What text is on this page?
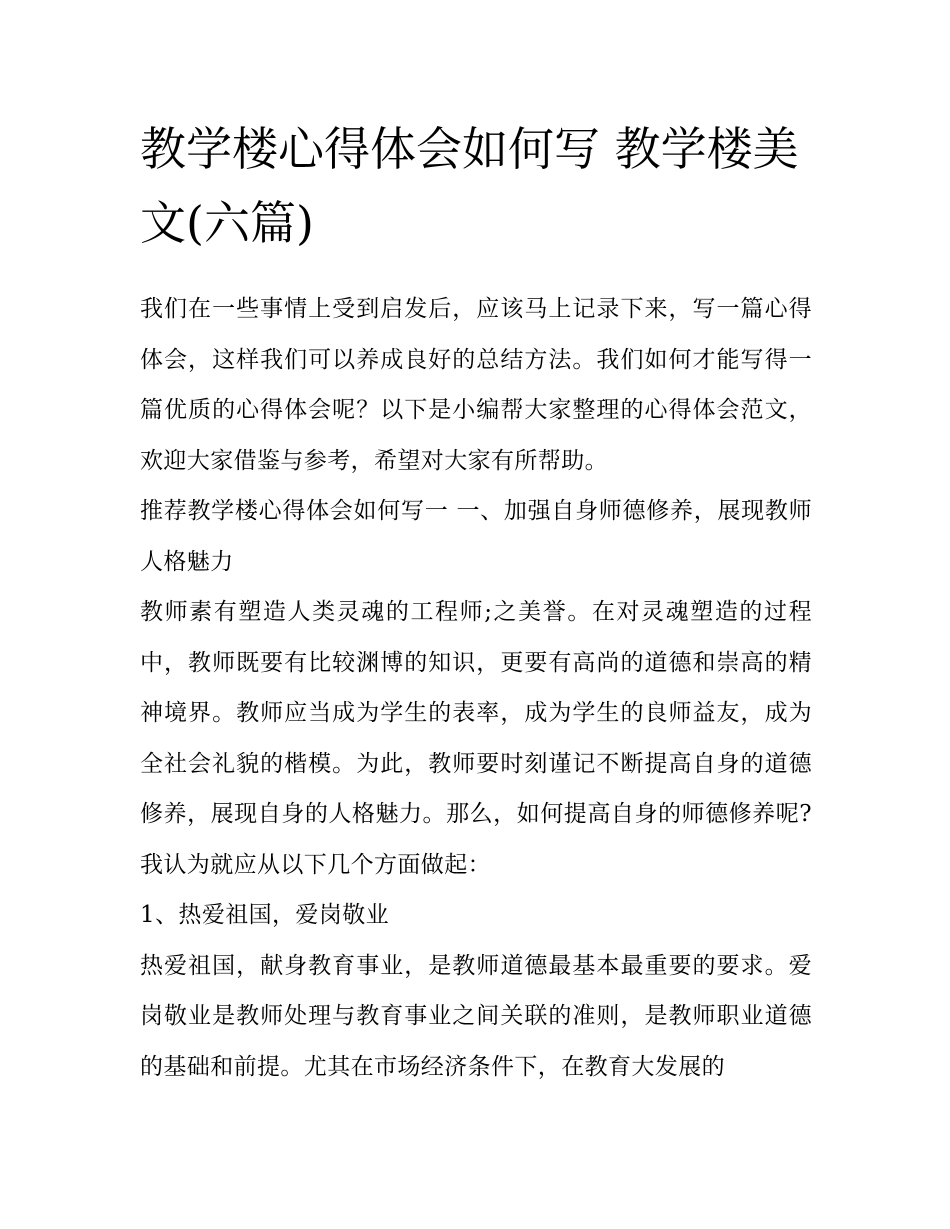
教学楼心得体会如何写 教学楼美文(六篇)

我们在一些事情上受到启发后，应该马上记录下来，写一篇心得体会，这样我们可以养成良好的总结方法。我们如何才能写得一篇优质的心得体会呢？以下是小编帮大家整理的心得体会范文，欢迎大家借鉴与参考，希望对大家有所帮助。

推荐教学楼心得体会如何写一 一、加强自身师德修养，展现教师人格魅力

教师素有塑造人类灵魂的工程师;之美誉。在对灵魂塑造的过程中，教师既要有比较渊博的知识，更要有高尚的道德和崇高的精神境界。教师应当成为学生的表率，成为学生的良师益友，成为全社会礼貌的楷模。为此，教师要时刻谨记不断提高自身的道德修养，展现自身的人格魅力。那么，如何提高自身的师德修养呢?我认为就应从以下几个方面做起：

1、热爱祖国，爱岗敬业

热爱祖国，献身教育事业，是教师道德最基本最重要的要求。爱岗敬业是教师处理与教育事业之间关联的准则，是教师职业道德的基础和前提。尤其在市场经济条件下，在教育大发展的
